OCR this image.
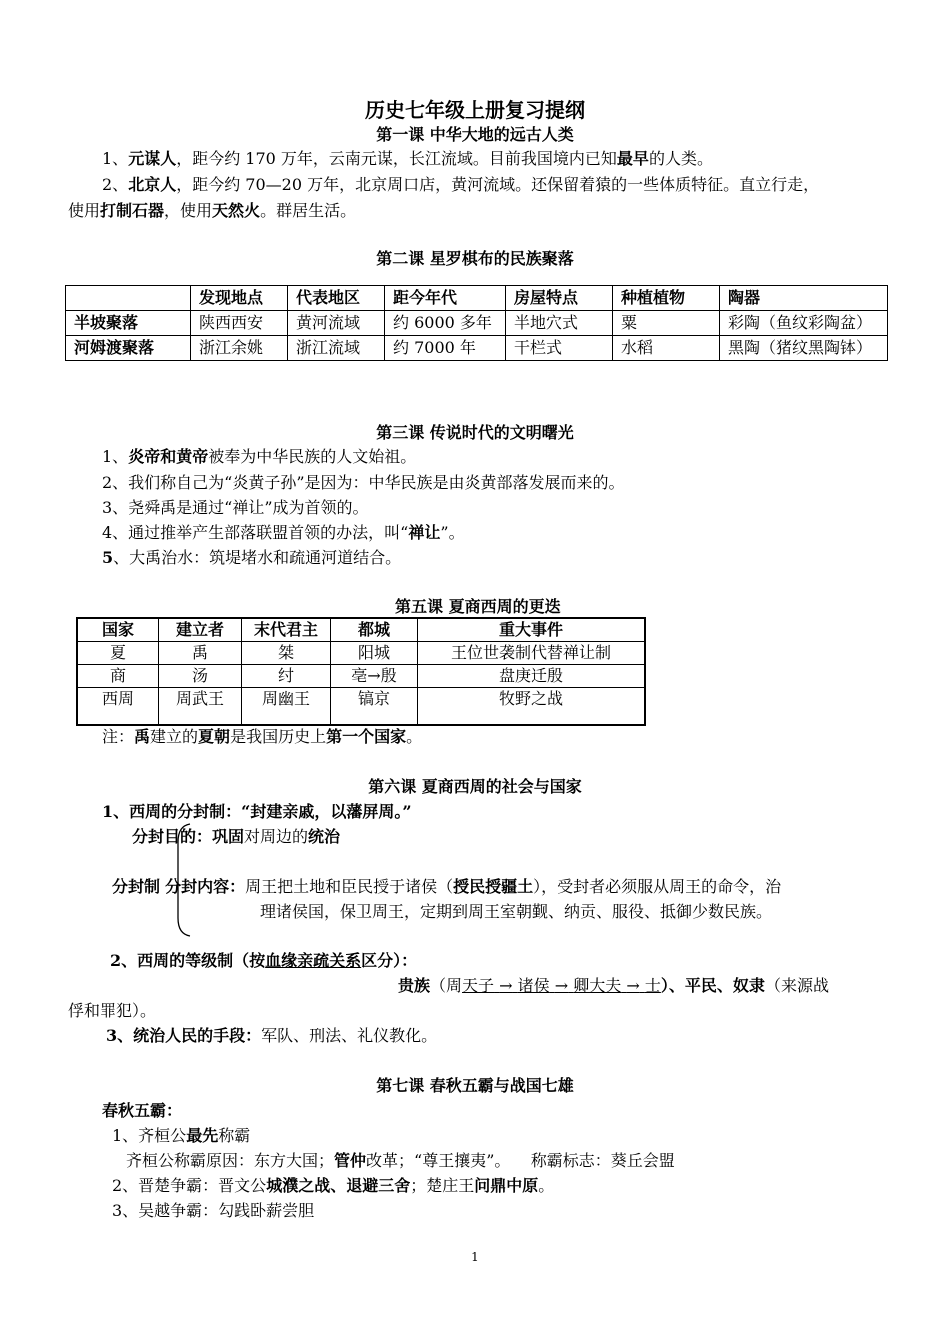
历史七年级上册复习提纲
第一课 中华大地的远古人类
1、元谋人，距今约 170 万年，云南元谋，长江流域。目前我国境内已知最早的人类。
2、北京人，距今约 70—20 万年，北京周口店，黄河流域。还保留着猿的一些体质特征。直立行走，
使用打制石器，使用天然火。群居生活。
第二课 星罗棋布的民族聚落
	发现地点	代表地区	距今年代	房屋特点	种植植物	陶器
半坡聚落	陕西西安	黄河流域	约 6000 多年	半地穴式	粟	彩陶（鱼纹彩陶盆）
河姆渡聚落	浙江余姚	浙江流域	约 7000 年	干栏式	水稻	黑陶（猪纹黑陶钵）
第三课 传说时代的文明曙光
1、炎帝和黄帝被奉为中华民族的人文始祖。
2、我们称自己为“炎黄子孙”是因为：中华民族是由炎黄部落发展而来的。
3、尧舜禹是通过“禅让”成为首领的。
4、通过推举产生部落联盟首领的办法，叫“禅让”。
5、大禹治水：筑堤堵水和疏通河道结合。
第五课 夏商西周的更迭
国家	建立者	末代君主	都城	重大事件
夏	禹	桀	阳城	王位世袭制代替禅让制
商	汤	纣	亳→殷	盘庚迁殷
西周	周武王	周幽王	镐京	牧野之战
注：禹建立的夏朝是我国历史上第一个国家。
第六课 夏商西周的社会与国家
1、西周的分封制：“封建亲戚，以藩屏周。”
分封目的：巩固对周边的统治
分封制 分封内容：周王把土地和臣民授于诸侯（授民授疆土），受封者必须服从周王的命令，治
理诸侯国，保卫周王，定期到周王室朝觐、纳贡、服役、抵御少数民族。
2、西周的等级制（按血缘亲疏关系区分）：
贵族（周天子 → 诸侯 → 卿大夫 → 士）、平民、奴隶（来源战
俘和罪犯）。
3、统治人民的手段：军队、刑法、礼仪教化。
第七课 春秋五霸与战国七雄
春秋五霸：
1、齐桓公最先称霸
齐桓公称霸原因：东方大国；管仲改革；“尊王攘夷”。 称霸标志：葵丘会盟
2、晋楚争霸：晋文公城濮之战、退避三舍；楚庄王问鼎中原。
3、吴越争霸：勾践卧薪尝胆
1
